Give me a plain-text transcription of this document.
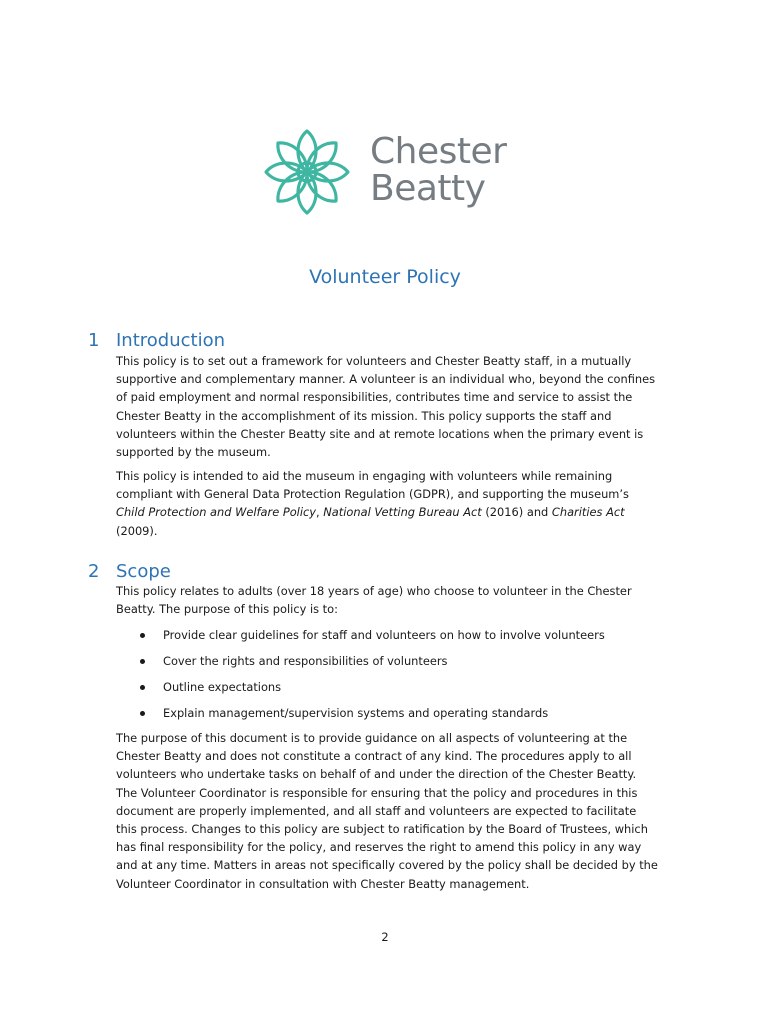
Chester
Beatty
Volunteer Policy
1 Introduction

This policy is to set out a framework for volunteers and Chester Beatty staff, in a mutually supportive and complementary manner. A volunteer is an individual who, beyond the confines of paid employment and normal responsibilities, contributes time and service to assist the Chester Beatty in the accomplishment of its mission. This policy supports the staff and volunteers within the Chester Beatty site and at remote locations when the primary event is supported by the museum.

This policy is intended to aid the museum in engaging with volunteers while remaining compliant with General Data Protection Regulation (GDPR), and supporting the museum’s Child Protection and Welfare Policy, National Vetting Bureau Act (2016) and Charities Act (2009).

2 Scope

This policy relates to adults (over 18 years of age) who choose to volunteer in the Chester Beatty. The purpose of this policy is to:

Provide clear guidelines for staff and volunteers on how to involve volunteers
Cover the rights and responsibilities of volunteers
Outline expectations
Explain management/supervision systems and operating standards

The purpose of this document is to provide guidance on all aspects of volunteering at the Chester Beatty and does not constitute a contract of any kind. The procedures apply to all volunteers who undertake tasks on behalf of and under the direction of the Chester Beatty. The Volunteer Coordinator is responsible for ensuring that the policy and procedures in this document are properly implemented, and all staff and volunteers are expected to facilitate this process. Changes to this policy are subject to ratification by the Board of Trustees, which has final responsibility for the policy, and reserves the right to amend this policy in any way and at any time. Matters in areas not specifically covered by the policy shall be decided by the Volunteer Coordinator in consultation with Chester Beatty management.

2
